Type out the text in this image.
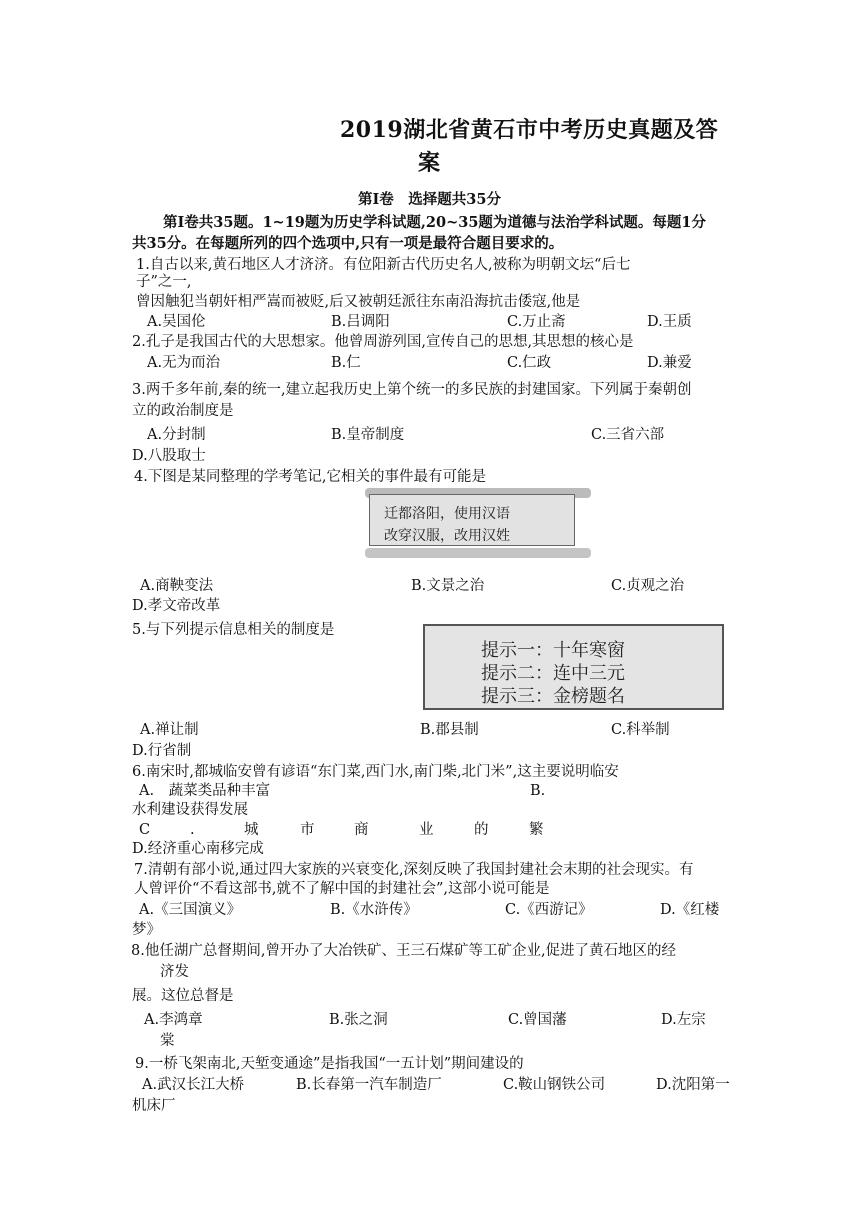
2019湖北省黄石市中考历史真题及答
案
第Ⅰ卷　选择题共35分
第Ⅰ卷共35题。1~19题为历史学科试题,20~35题为道德与法治学科试题。每题1分
共35分。在每题所列的四个选项中,只有一项是最符合题目要求的。
1.自古以来,黄石地区人才济济。有位阳新古代历史名人,被称为明朝文坛“后七
子”之一,
曾因触犯当朝奸相严嵩而被贬,后又被朝廷派往东南沿海抗击倭寇,他是
A.吴国伦	B.吕调阳	C.万止斋	D.王质
2.孔子是我国古代的大思想家。他曾周游列国,宣传自己的思想,其思想的核心是
A.无为而治	B.仁	C.仁政	D.兼爱
3.两千多年前,秦的统一,建立起我历史上第个统一的多民族的封建国家。下列属于秦朝创
立的政治制度是
A.分封制	B.皇帝制度	C.三省六部
D.八股取士
4.下图是某同整理的学考笔记,它相关的事件最有可能是
迁都洛阳，使用汉语
改穿汉服，改用汉姓
A.商鞅变法	B.文景之治	C.贞观之治
D.孝文帝改革
5.与下列提示信息相关的制度是
提示一：十年寒窗
提示二：连中三元
提示三：金榜题名
A.禅让制	B.郡县制	C.科举制
D.行省制
6.南宋时,都城临安曾有谚语“东门菜,西门水,南门柴,北门米”,这主要说明临安
A.　蔬菜类品种丰富	B.
水利建设获得发展
C	.	城	市	商	业	的	繁
D.经济重心南移完成
7.清朝有部小说,通过四大家族的兴衰变化,深刻反映了我国封建社会末期的社会现实。有
人曾评价“不看这部书,就不了解中国的封建社会”,这部小说可能是
A.《三国演义》	B.《水浒传》	C.《西游记》	D.《红楼
梦》
8.他任湖广总督期间,曾开办了大冶铁矿、王三石煤矿等工矿企业,促进了黄石地区的经
济发
展。这位总督是
A.李鸿章	B.张之洞	C.曾国藩	D.左宗
棠
9.一桥飞架南北,天堑变通途”是指我国“一五计划”期间建设的
A.武汉长江大桥	B.长春第一汽车制造厂	C.鞍山钢铁公司	D.沈阳第一
机床厂
